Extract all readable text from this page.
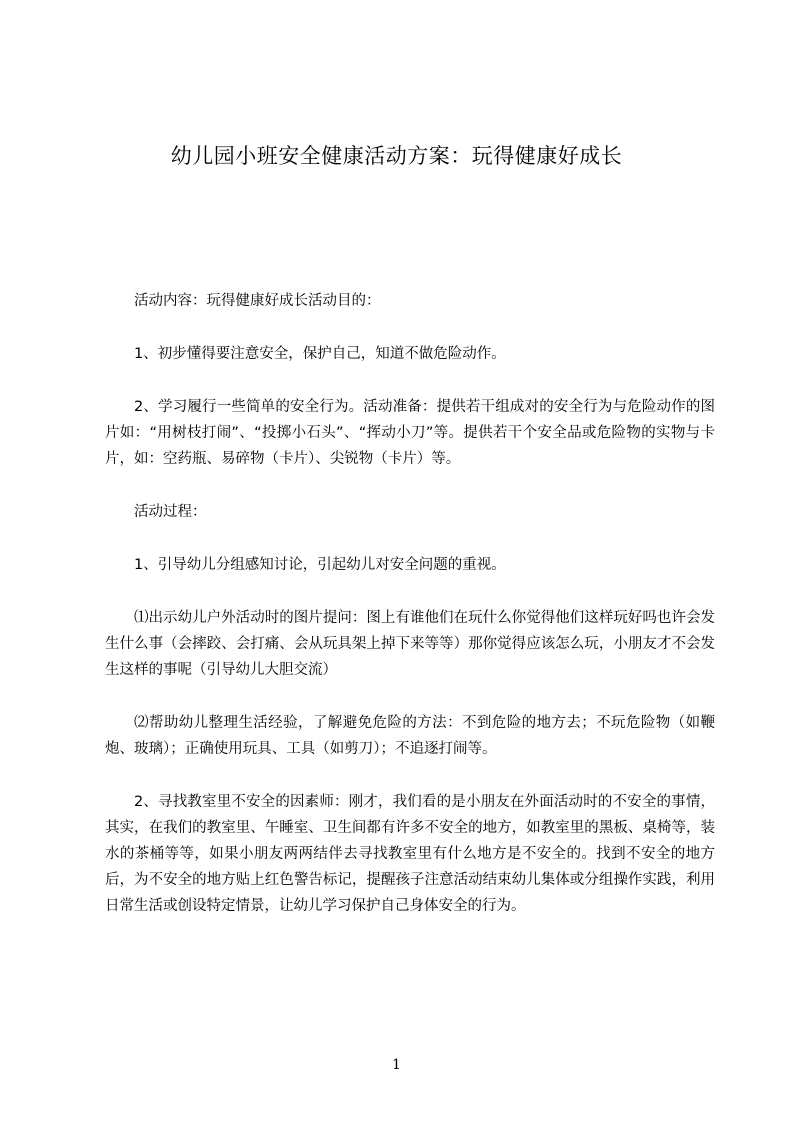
幼儿园小班安全健康活动方案：玩得健康好成长

活动内容：玩得健康好成长活动目的：

1、初步懂得要注意安全，保护自己，知道不做危险动作。

2、学习履行一些简单的安全行为。活动准备：提供若干组成对的安全行为与危险动作的图片如：“用树枝打闹”、“投掷小石头”、“挥动小刀”等。提供若干个安全品或危险物的实物与卡片，如：空药瓶、易碎物（卡片）、尖锐物（卡片）等。

活动过程：

1、引导幼儿分组感知讨论，引起幼儿对安全问题的重视。

⑴出示幼儿户外活动时的图片提问：图上有谁他们在玩什么你觉得他们这样玩好吗也许会发生什么事（会摔跤、会打痛、会从玩具架上掉下来等等）那你觉得应该怎么玩，小朋友才不会发生这样的事呢（引导幼儿大胆交流）

⑵帮助幼儿整理生活经验，了解避免危险的方法：不到危险的地方去；不玩危险物（如鞭炮、玻璃）；正确使用玩具、工具（如剪刀）；不追逐打闹等。

2、寻找教室里不安全的因素师：刚才，我们看的是小朋友在外面活动时的不安全的事情，其实，在我们的教室里、午睡室、卫生间都有许多不安全的地方，如教室里的黑板、桌椅等，装水的茶桶等等，如果小朋友两两结伴去寻找教室里有什么地方是不安全的。找到不安全的地方后，为不安全的地方贴上红色警告标记，提醒孩子注意活动结束幼儿集体或分组操作实践，利用日常生活或创设特定情景，让幼儿学习保护自己身体安全的行为。

1
